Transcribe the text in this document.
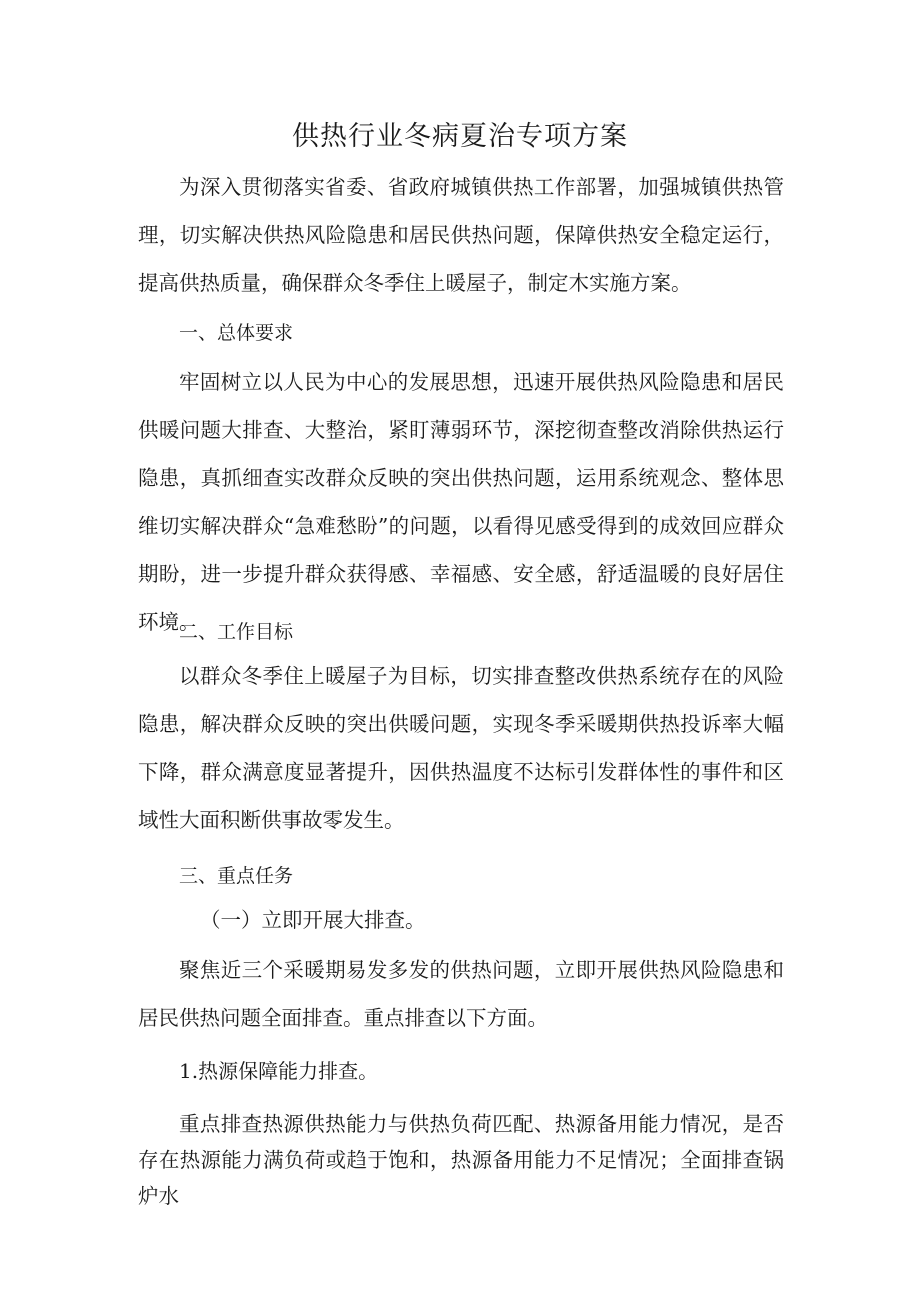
供热行业冬病夏治专项方案

为深入贯彻落实省委、省政府城镇供热工作部署，加强城镇供热管理，切实解决供热风险隐患和居民供热问题，保障供热安全稳定运行，提高供热质量，确保群众冬季住上暖屋子，制定木实施方案。

一、总体要求

牢固树立以人民为中心的发展思想，迅速开展供热风险隐患和居民供暖问题大排查、大整治，紧盯薄弱环节，深挖彻查整改消除供热运行隐患，真抓细查实改群众反映的突出供热问题，运用系统观念、整体思维切实解决群众“急难愁盼”的问题，以看得见感受得到的成效回应群众期盼，进一步提升群众获得感、幸福感、安全感，舒适温暖的良好居住环境。

二、工作目标

以群众冬季住上暖屋子为目标，切实排查整改供热系统存在的风险隐患，解决群众反映的突出供暖问题，实现冬季采暖期供热投诉率大幅下降，群众满意度显著提升，因供热温度不达标引发群体性的事件和区域性大面积断供事故零发生。

三、重点任务

（一）立即开展大排查。

聚焦近三个采暖期易发多发的供热问题，立即开展供热风险隐患和居民供热问题全面排查。重点排查以下方面。

1.热源保障能力排查。

重点排查热源供热能力与供热负荷匹配、热源备用能力情况，是否存在热源能力满负荷或趋于饱和，热源备用能力不足情况；全面排查锅炉水
